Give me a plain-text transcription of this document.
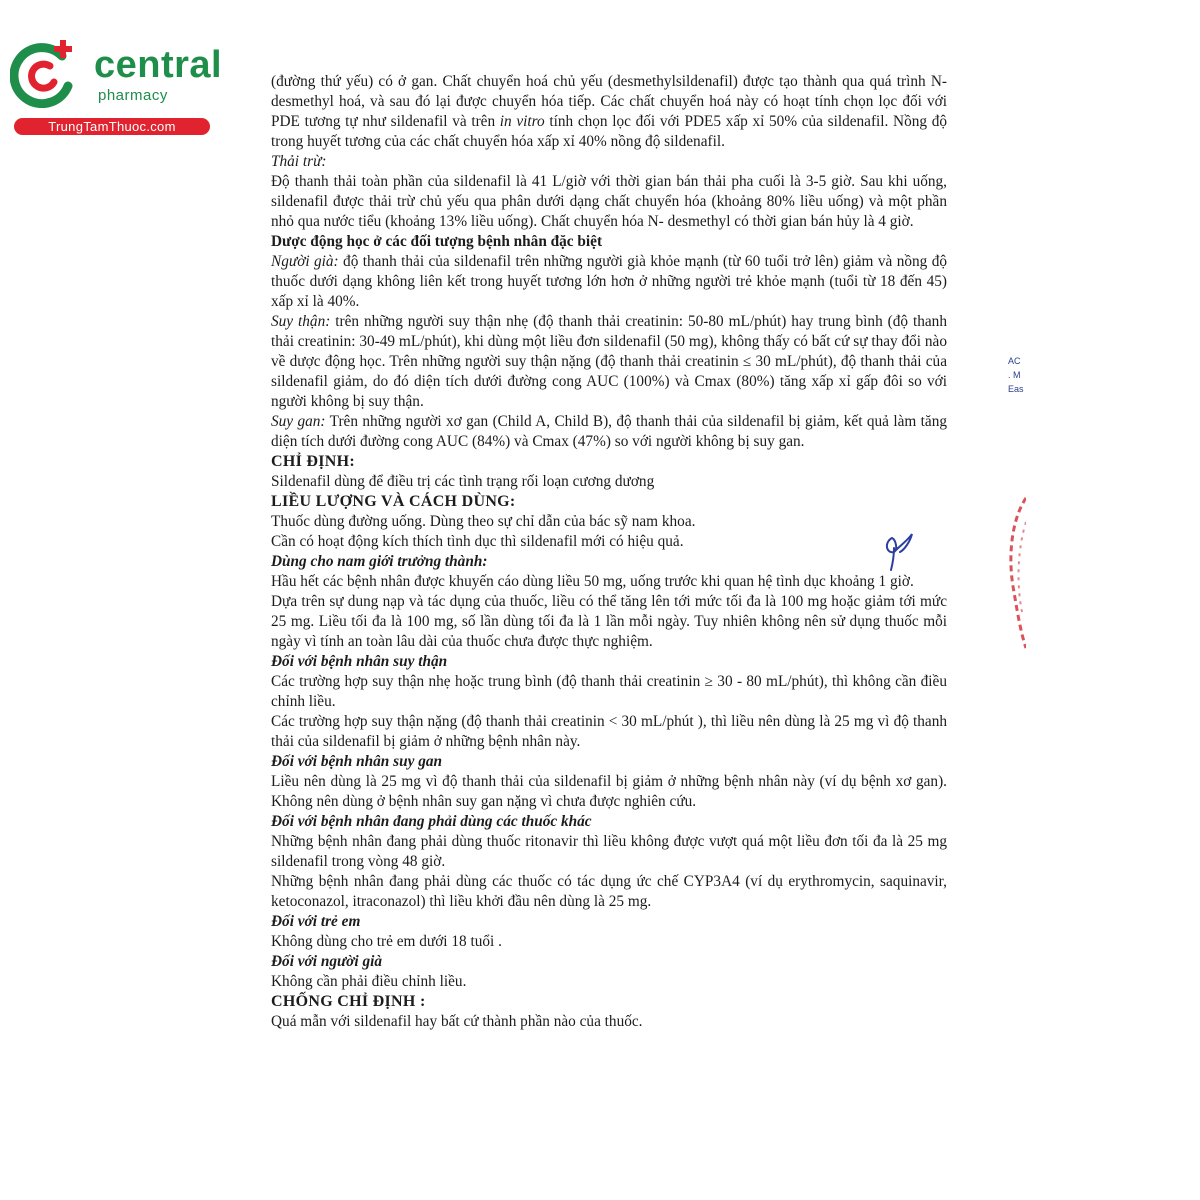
central
pharmacy
TrungTamThuoc.com

(đường thứ yếu) có ở gan. Chất chuyển hoá chủ yếu (desmethylsildenafil) được tạo thành qua quá trình N-desmethyl hoá, và sau đó lại được chuyển hóa tiếp. Các chất chuyển hoá này có hoạt tính chọn lọc đối với PDE tương tự như sildenafil và trên in vitro tính chọn lọc đối với PDE5 xấp xỉ 50% của sildenafil. Nồng độ trong huyết tương của các chất chuyển hóa xấp xỉ 40% nồng độ sildenafil.

Thải trừ:

Độ thanh thải toàn phần của sildenafil là 41 L/giờ với thời gian bán thải pha cuối là 3-5 giờ. Sau khi uống, sildenafil được thải trừ chủ yếu qua phân dưới dạng chất chuyển hóa (khoảng 80% liều uống) và một phần nhỏ qua nước tiểu (khoảng 13% liều uống). Chất chuyển hóa N- desmethyl có thời gian bán hủy là 4 giờ.

Dược động học ở các đối tượng bệnh nhân đặc biệt

Người già: độ thanh thải của sildenafil trên những người già khỏe mạnh (từ 60 tuổi trở lên) giảm và nồng độ thuốc dưới dạng không liên kết trong huyết tương lớn hơn ở những người trẻ khỏe mạnh (tuổi từ 18 đến 45) xấp xỉ là 40%.

Suy thận: trên những người suy thận nhẹ (độ thanh thải creatinin: 50-80 mL/phút) hay trung bình (độ thanh thải creatinin: 30-49 mL/phút), khi dùng một liều đơn sildenafil (50 mg), không thấy có bất cứ sự thay đổi nào về dược động học. Trên những người suy thận nặng (độ thanh thải creatinin ≤ 30 mL/phút), độ thanh thải của sildenafil giảm, do đó diện tích dưới đường cong AUC (100%) và Cmax (80%) tăng xấp xỉ gấp đôi so với người không bị suy thận.

Suy gan: Trên những người xơ gan (Child A, Child B), độ thanh thải của sildenafil bị giảm, kết quả làm tăng diện tích dưới đường cong AUC (84%) và Cmax (47%) so với người không bị suy gan.

CHỈ ĐỊNH:

Sildenafil dùng để điều trị các tình trạng rối loạn cương dương

LIỀU LƯỢNG VÀ CÁCH DÙNG:

Thuốc dùng đường uống. Dùng theo sự chỉ dẫn của bác sỹ nam khoa.

Cần có hoạt động kích thích tình dục thì sildenafil mới có hiệu quả.

Dùng cho nam giới trưởng thành:

Hầu hết các bệnh nhân được khuyến cáo dùng liều 50 mg, uống trước khi quan hệ tình dục khoảng 1 giờ.

Dựa trên sự dung nạp và tác dụng của thuốc, liều có thể tăng lên tới mức tối đa là 100 mg hoặc giảm tới mức 25 mg. Liều tối đa là 100 mg, số lần dùng tối đa là 1 lần mỗi ngày. Tuy nhiên không nên sử dụng thuốc mỗi ngày vì tính an toàn lâu dài của thuốc chưa được thực nghiệm.

Đối với bệnh nhân suy thận

Các trường hợp suy thận nhẹ hoặc trung bình (độ thanh thải creatinin ≥ 30 - 80 mL/phút), thì không cần điều chỉnh liều.

Các trường hợp suy thận nặng (độ thanh thải creatinin < 30 mL/phút ), thì liều nên dùng là 25 mg vì độ thanh thải của sildenafil bị giảm ở những bệnh nhân này.

Đối với bệnh nhân suy gan

Liều nên dùng là 25 mg vì độ thanh thải của sildenafil bị giảm ở những bệnh nhân này (ví dụ bệnh xơ gan). Không nên dùng ở bệnh nhân suy gan nặng vì chưa được nghiên cứu.

Đối với bệnh nhân đang phải dùng các thuốc khác

Những bệnh nhân đang phải dùng thuốc ritonavir thì liều không được vượt quá một liều đơn tối đa là 25 mg sildenafil trong vòng 48 giờ.

Những bệnh nhân đang phải dùng các thuốc có tác dụng ức chế CYP3A4 (ví dụ erythromycin, saquinavir, ketoconazol, itraconazol) thì liều khởi đầu nên dùng là 25 mg.

Đối với trẻ em

Không dùng cho trẻ em dưới 18 tuổi .

Đối với người già

Không cần phải điều chỉnh liều.

CHỐNG CHỈ ĐỊNH :

Quá mẫn với sildenafil hay bất cứ thành phần nào của thuốc.

AC
. M
Eas
